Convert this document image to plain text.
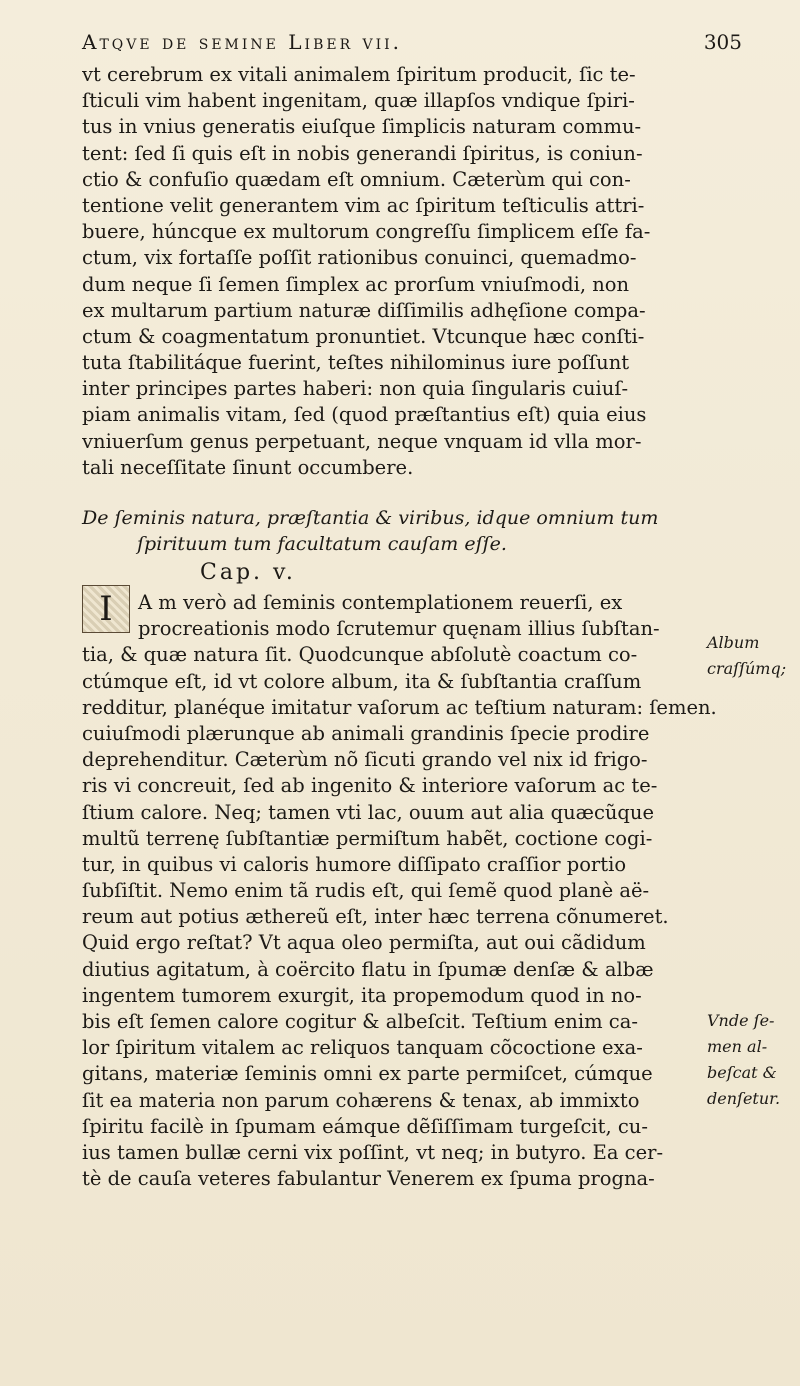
Atqve de semine Liber vii.	305
vt cerebrum ex vitali animalem ſpiritum producit, ſic te-
ſticuli vim habent ingenitam, quæ illapſos vndique ſpiri-
tus in vnius generatis eiuſque ſimplicis naturam commu-
tent: ſed ſi quis eſt in nobis generandi ſpiritus, is coniun-
ctio & confuſio quædam eſt omnium. Cæterùm qui con-
tentione velit generantem vim ac ſpiritum teſticulis attri-
buere, húncque ex multorum congreſſu ſimplicem eſſe fa-
ctum, vix fortaſſe poſſit rationibus conuinci, quemadmo-
dum neque ſi ſemen ſimplex ac prorſum vniuſmodi, non
ex multarum partium naturæ diſſimilis adhęſione compa-
ctum & coagmentatum pronuntiet. Vtcunque hæc conſti-
tuta ſtabilitáque fuerint, teſtes nihilominus iure poſſunt
inter principes partes haberi: non quia ſingularis cuiuſ-
piam animalis vitam, ſed (quod præſtantius eſt) quia eius
vniuerſum genus perpetuant, neque vnquam id vlla mor-
tali neceſſitate ſinunt occumbere.
De ſeminis natura, præſtantia & viribus, idque omnium tum
ſpirituum tum facultatum cauſam eſſe.
Cap. v.
I	A m verò ad ſeminis contemplationem reuerſi, ex
procreationis modo ſcrutemur quęnam illius ſubſtan-
tia, & quæ natura ſit. Quodcunque abſolutè coactum co-
ctúmque eſt, id vt colore album, ita & ſubſtantia craſſum
redditur, planéque imitatur vaſorum ac teſtium naturam: ſemen.
cuiuſmodi plærunque ab animali grandinis ſpecie prodire
deprehenditur. Cæterùm nõ ſicuti grando vel nix id frigo-
ris vi concreuit, ſed ab ingenito & interiore vaſorum ac te-
ſtium calore. Neq; tamen vti lac, ouum aut alia quæcũque
multũ terrenę ſubſtantiæ permiſtum habẽt, coctione cogi-
tur, in quibus vi caloris humore diſſipato craſſior portio
ſubſiſtit. Nemo enim tã rudis eſt, qui ſemẽ quod planè aë-
reum aut potius æthereũ eſt, inter hæc terrena cõnumeret.
Quid ergo reſtat? Vt aqua oleo permiſta, aut oui cãdidum
diutius agitatum, à coërcito flatu in ſpumæ denſæ & albæ
ingentem tumorem exurgit, ita propemodum quod in no-
bis eſt ſemen calore cogitur & albeſcit. Teſtium enim ca-
lor ſpiritum vitalem ac reliquos tanquam cõcoctione exa-
gitans, materiæ ſeminis omni ex parte permiſcet, cúmque
ſit ea materia non parum cohærens & tenax, ab immixto
ſpiritu facilè in ſpumam eámque dẽſiſſimam turgeſcit, cu-
ius tamen bullæ cerni vix poſſint, vt neq; in butyro. Ea cer-
tè de cauſa veteres fabulantur Venerem ex ſpuma progna-
Album
craſſúmq;
Vnde ſe-
men al-
beſcat &
denſetur.
